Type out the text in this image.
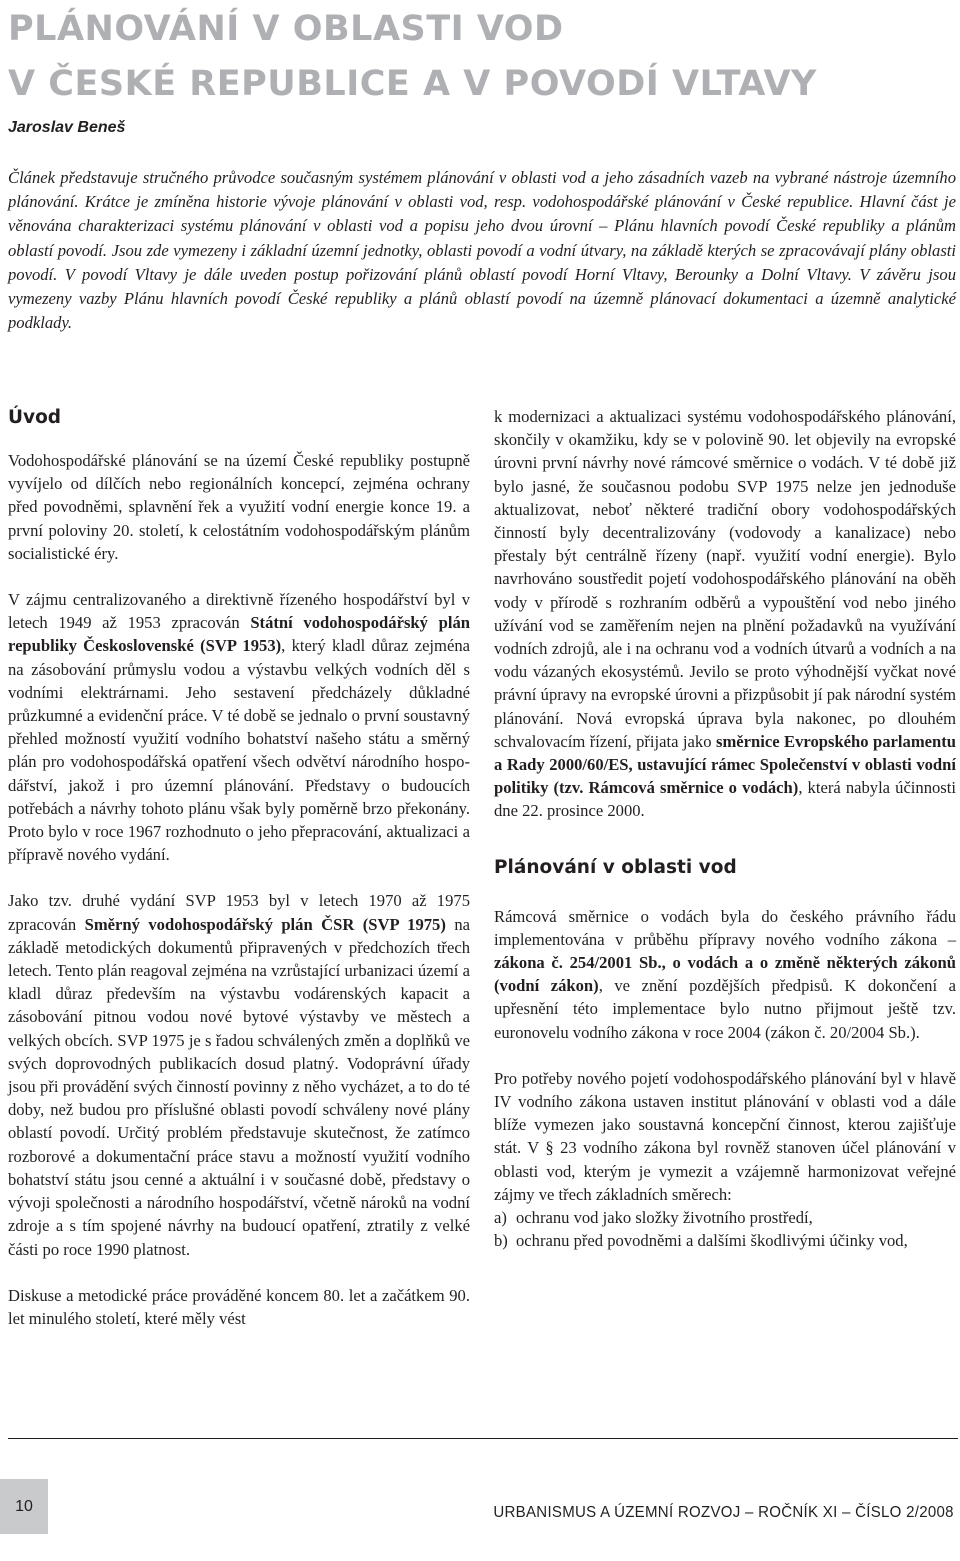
PLÁNOVÁNÍ V OBLASTI VOD
V ČESKÉ REPUBLICE A V POVODÍ VLTAVY

Jaroslav Beneš

Článek představuje stručného průvodce současným systémem plánování v oblasti vod a jeho zásadních vazeb na vybrané nástroje územního plánování. Krátce je zmíněna historie vývoje plánování v oblasti vod, resp. vodohospodářské plánování v České republice. Hlavní část je věnována charakterizaci systému plánování v oblasti vod a popisu jeho dvou úrovní – Plánu hlavních povodí České republiky a plánům oblastí povodí. Jsou zde vymezeny i základní územní jednotky, oblasti povodí a vodní útvary, na základě kterých se zpracovávají plány oblasti povodí. V povodí Vltavy je dále uveden postup pořizování plánů oblastí povodí Horní Vltavy, Berounky a Dolní Vltavy. V závěru jsou vymezeny vazby Plánu hlavních povodí České republiky a plánů oblastí povodí na územně plánovací dokumentaci a územně analytické podklady.

Úvod

Vodohospodářské plánování se na území České republiky postupně vyvíjelo od dílčích nebo regionálních koncepcí, zejména ochrany před povodněmi, splavnění řek a využití vodní energie konce 19. a první poloviny 20. století, k celostátním vodohospodářským plánům socialistické éry.

V zájmu centralizovaného a direktivně řízeného hospodářství byl v letech 1949 až 1953 zpracován Státní vodohospodářský plán republiky Československé (SVP 1953), který kladl důraz zejména na zásobování průmyslu vodou a výstavbu velkých vodních děl s vodními elektrárnami. Jeho sestavení předcházely důkladné průzkumné a evidenční práce. V té době se jednalo o první soustavný přehled možností využití vodního bohatství našeho státu a směrný plán pro vodohospodářská opatření všech odvětví národního hospodářství, jakož i pro územní plánování. Představy o budoucích potřebách a návrhy tohoto plánu však byly poměrně brzo překonány. Proto bylo v roce 1967 rozhodnuto o jeho přepracování, aktualizaci a přípravě nového vydání.

Jako tzv. druhé vydání SVP 1953 byl v letech 1970 až 1975 zpracován Směrný vodohospodářský plán ČSR (SVP 1975) na základě metodických dokumentů připravených v předchozích třech letech. Tento plán reagoval zejména na vzrůstající urbanizaci území a kladl důraz především na výstavbu vodárenských kapacit a zásobování pitnou vodou nové bytové výstavby ve městech a velkých obcích. SVP 1975 je s řadou schválených změn a doplňků ve svých doprovodných publikacích dosud platný. Vodoprávní úřady jsou při provádění svých činností povinny z něho vycházet, a to do té doby, než budou pro příslušné oblasti povodí schváleny nové plány oblastí povodí. Určitý problém představuje skutečnost, že zatímco rozborové a dokumentační práce stavu a možností využití vodního bohatství státu jsou cenné a aktuální i v současné době, představy o vývoji společnosti a národního hospodářství, včetně nároků na vodní zdroje a s tím spojené návrhy na budoucí opatření, ztratily z velké části po roce 1990 platnost.

Diskuse a metodické práce prováděné koncem 80. let a začátkem 90. let minulého století, které měly vést

k modernizaci a aktualizaci systému vodohospodářského plánování, skončily v okamžiku, kdy se v polovině 90. let objevily na evropské úrovni první návrhy nové rámcové směrnice o vodách. V té době již bylo jasné, že současnou podobu SVP 1975 nelze jen jednoduše aktualizovat, neboť některé tradiční obory vodohospodářských činností byly decentralizovány (vodovody a kanalizace) nebo přestaly být centrálně řízeny (např. využití vodní energie). Bylo navrhováno soustředit pojetí vodohospodářského plánování na oběh vody v přírodě s rozhraním odběrů a vypouštění vod nebo jiného užívání vod se zaměřením nejen na plnění požadavků na využívání vodních zdrojů, ale i na ochranu vod a vodních útvarů a vodních a na vodu vázaných ekosystémů. Jevilo se proto výhodnější vyčkat nové právní úpravy na evropské úrovni a přizpůsobit jí pak národní systém plánování. Nová evropská úprava byla nakonec, po dlouhém schvalovacím řízení, přijata jako směrnice Evropského parlamentu a Rady 2000/60/ES, ustavující rámec Společenství v oblasti vodní politiky (tzv. Rámcová směrnice o vodách), která nabyla účinnosti dne 22. prosince 2000.

Plánování v oblasti vod

Rámcová směrnice o vodách byla do českého právního řádu implementována v průběhu přípravy nového vodního zákona – zákona č. 254/2001 Sb., o vodách a o změně některých zákonů (vodní zákon), ve znění pozdějších předpisů. K dokončení a upřesnění této implementace bylo nutno přijmout ještě tzv. euronovelu vodního zákona v roce 2004 (zákon č. 20/2004 Sb.).

Pro potřeby nového pojetí vodohospodářského plánování byl v hlavě IV vodního zákona ustaven institut plánování v oblasti vod a dále blíže vymezen jako soustavná koncepční činnost, kterou zajišťuje stát. V § 23 vodního zákona byl rovněž stanoven účel plánování v oblasti vod, kterým je vymezit a vzájemně harmonizovat veřejné zájmy ve třech základních směrech:

a) ochranu vod jako složky životního prostředí,
b) ochranu před povodněmi a dalšími škodlivými účinky vod,
10	URBANISMUS A ÚZEMNÍ ROZVOJ – ROČNÍK XI – ČÍSLO 2/2008
